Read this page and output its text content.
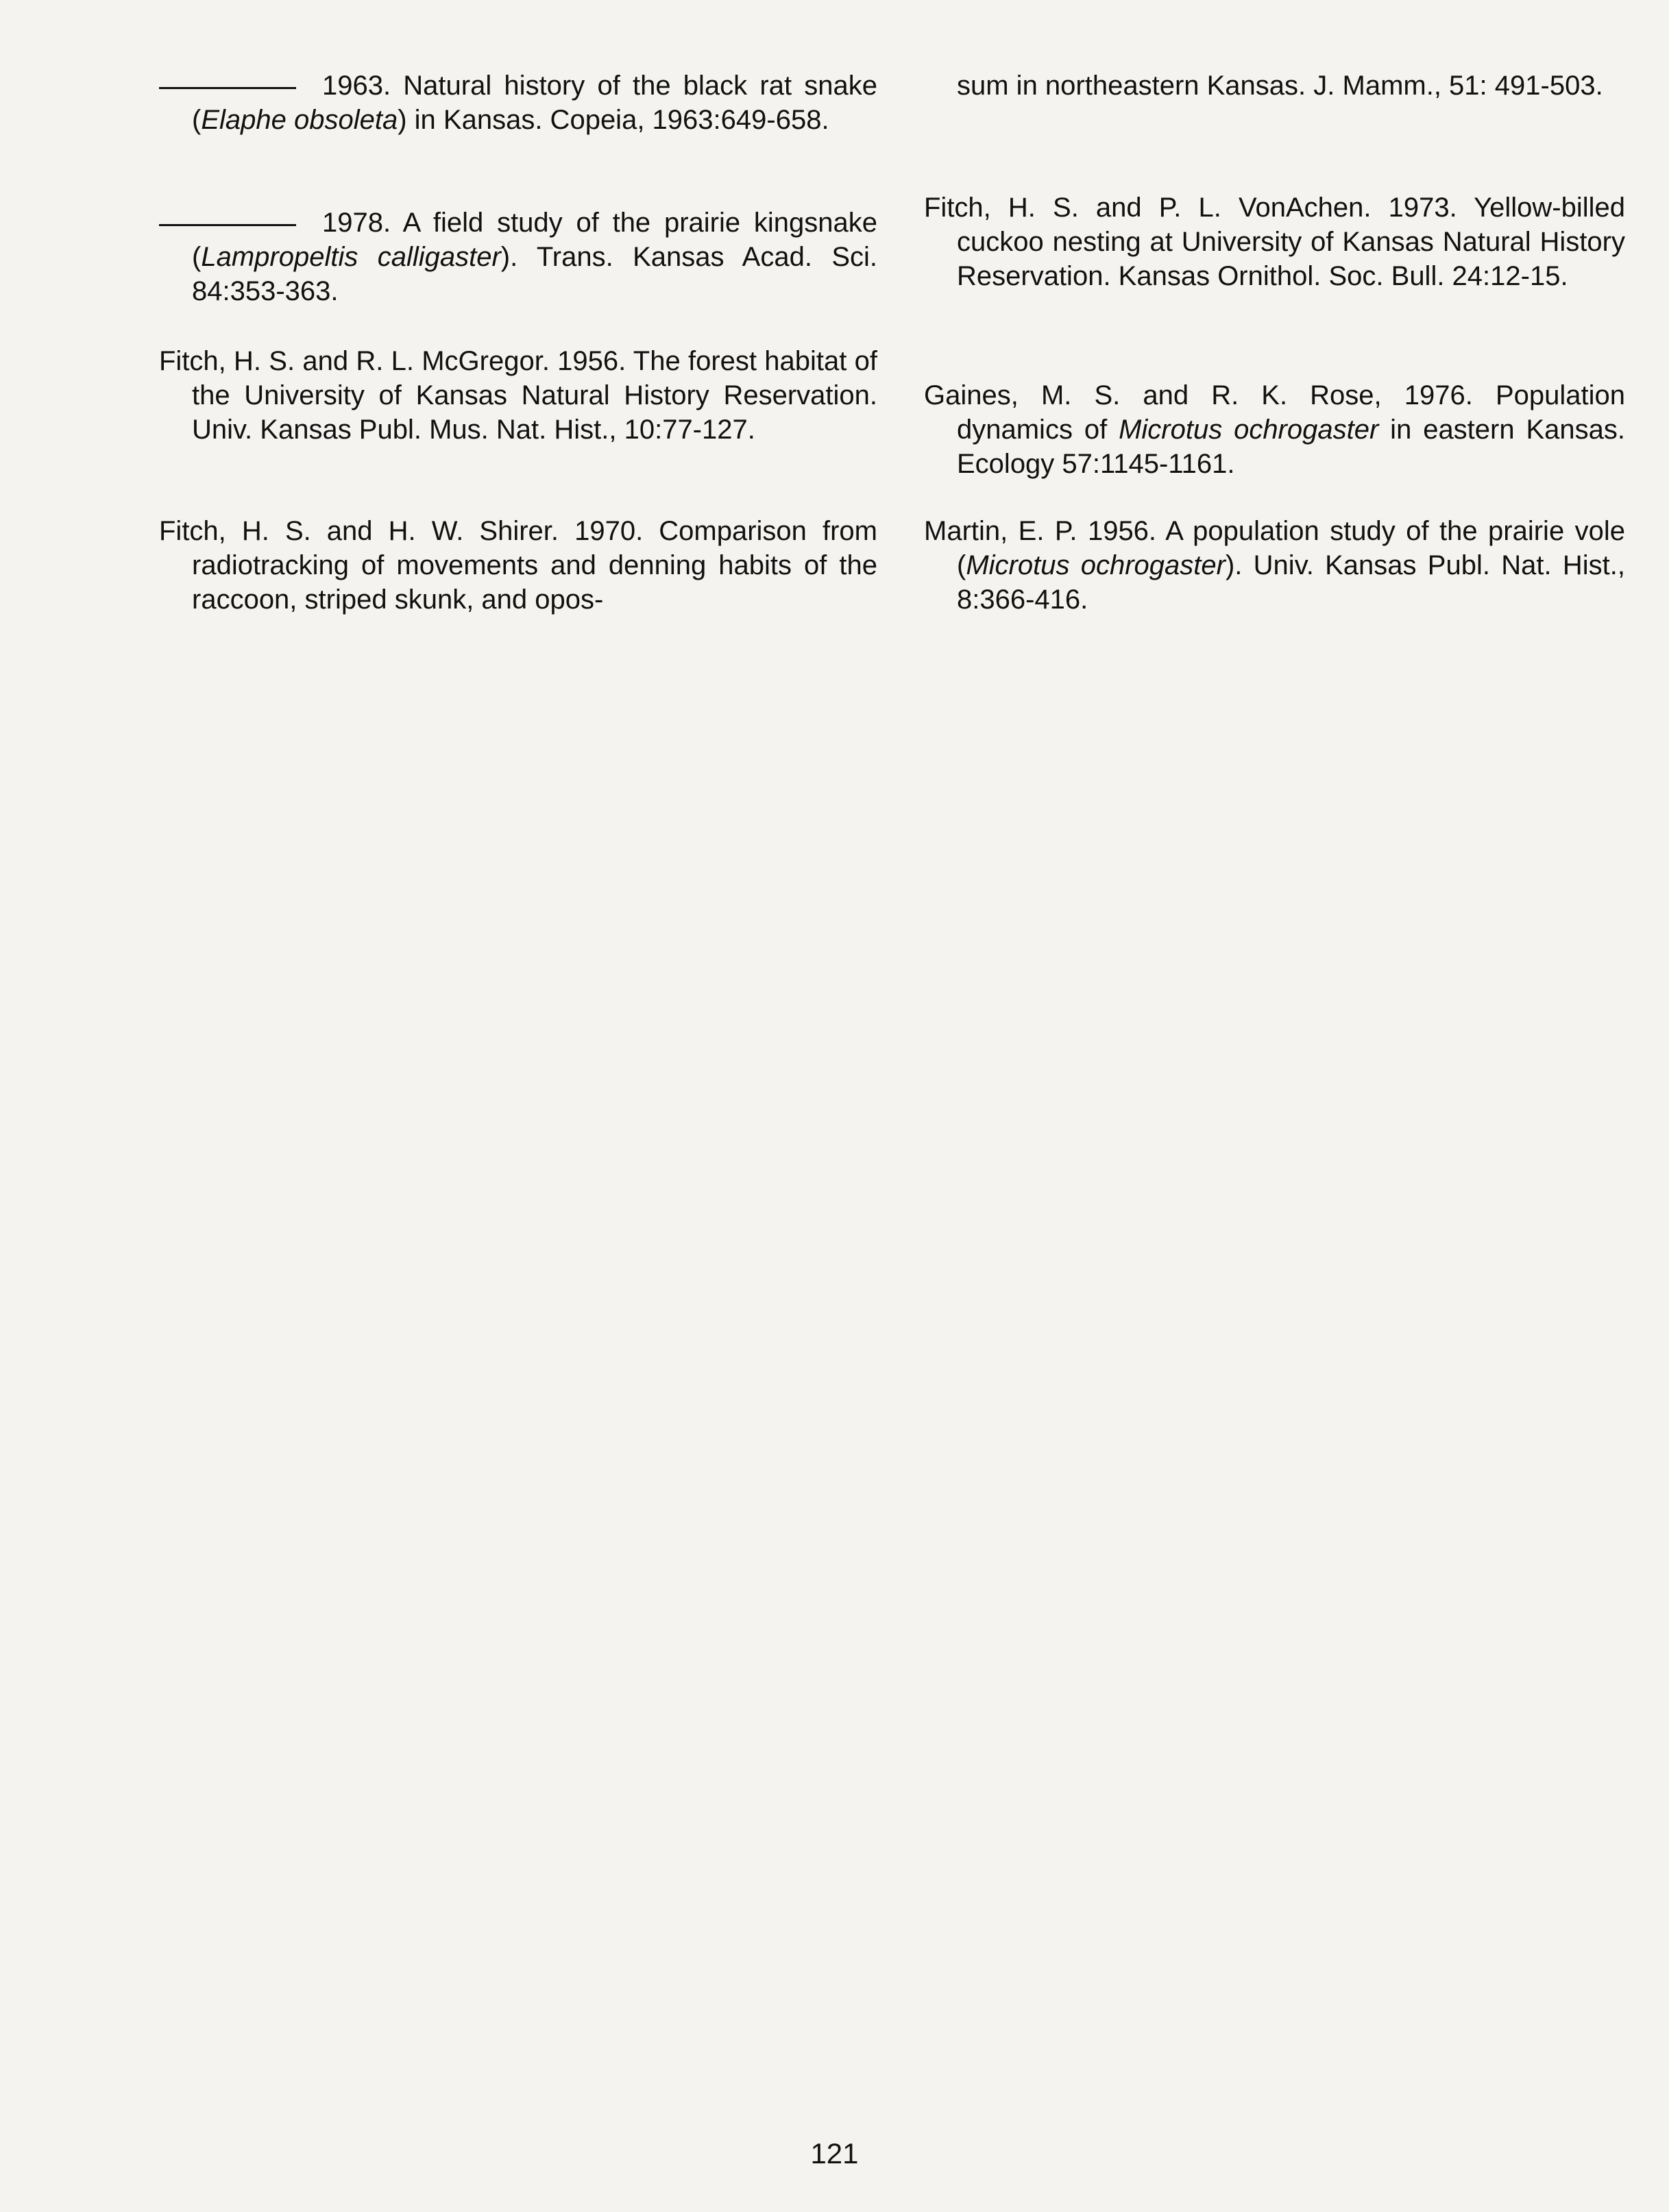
1963. Natural history of the black rat snake (Elaphe obsoleta) in Kansas. Copeia, 1963:649-658.

1978. A field study of the prairie kingsnake (Lampropeltis calligaster). Trans. Kansas Acad. Sci. 84:353-363.

Fitch, H. S. and R. L. McGregor. 1956. The forest habitat of the University of Kansas Natural History Reservation. Univ. Kansas Publ. Mus. Nat. Hist., 10:77-127.

Fitch, H. S. and H. W. Shirer. 1970. Comparison from radiotracking of movements and denning habits of the raccoon, striped skunk, and opos-

sum in northeastern Kansas. J. Mamm., 51: 491-503.

Fitch, H. S. and P. L. VonAchen. 1973. Yellow-billed cuckoo nesting at University of Kansas Natural History Reservation. Kansas Ornithol. Soc. Bull. 24:12-15.

Gaines, M. S. and R. K. Rose, 1976. Population dynamics of Microtus ochrogaster in eastern Kansas. Ecology 57:1145-1161.

Martin, E. P. 1956. A population study of the prairie vole (Microtus ochrogaster). Univ. Kansas Publ. Nat. Hist., 8:366-416.

121
